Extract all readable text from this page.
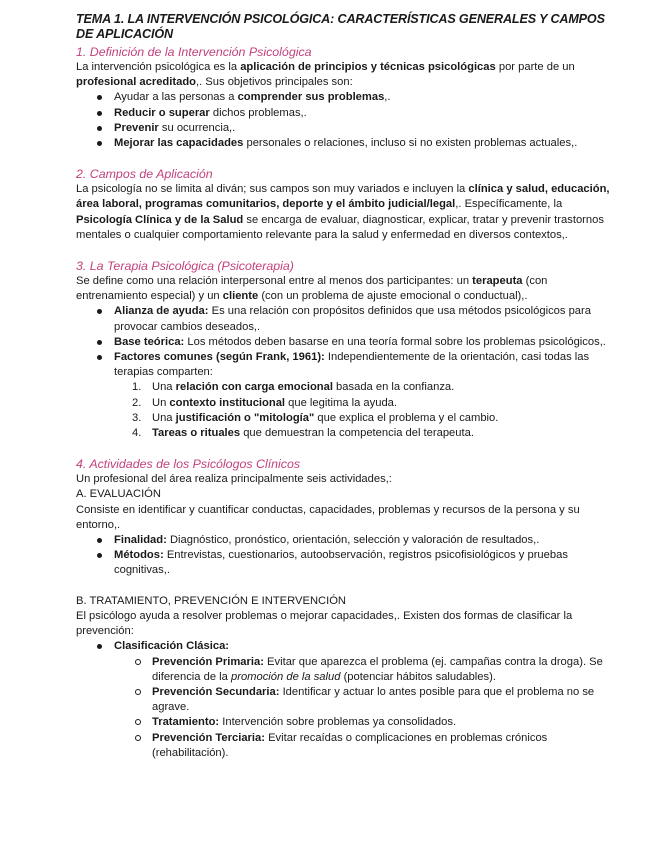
TEMA 1. LA INTERVENCIÓN PSICOLÓGICA: CARACTERÍSTICAS GENERALES Y CAMPOS DE APLICACIÓN
1. Definición de la Intervención Psicológica

La intervención psicológica es la aplicación de principios y técnicas psicológicas por parte de un profesional acreditado,. Sus objetivos principales son:

Ayudar a las personas a comprender sus problemas,.
Reducir o superar dichos problemas,.
Prevenir su ocurrencia,.
Mejorar las capacidades personales o relaciones, incluso si no existen problemas actuales,.
2. Campos de Aplicación

La psicología no se limita al diván; sus campos son muy variados e incluyen la clínica y salud, educación, área laboral, programas comunitarios, deporte y el ámbito judicial/legal,. Específicamente, la Psicología Clínica y de la Salud se encarga de evaluar, diagnosticar, explicar, tratar y prevenir trastornos mentales o cualquier comportamiento relevante para la salud y enfermedad en diversos contextos,.

3. La Terapia Psicológica (Psicoterapia)

Se define como una relación interpersonal entre al menos dos participantes: un terapeuta (con entrenamiento especial) y un cliente (con un problema de ajuste emocional o conductual),.

Alianza de ayuda: Es una relación con propósitos definidos que usa métodos psicológicos para provocar cambios deseados,.
Base teórica: Los métodos deben basarse en una teoría formal sobre los problemas psicológicos,.
Factores comunes (según Frank, 1961): Independientemente de la orientación, casi todas las terapias comparten:
1. Una relación con carga emocional basada en la confianza.
2. Un contexto institucional que legitima la ayuda.
3. Una justificación o "mitología" que explica el problema y el cambio.
4. Tareas o rituales que demuestran la competencia del terapeuta.
4. Actividades de los Psicólogos Clínicos

Un profesional del área realiza principalmente seis actividades,:

A. EVALUACIÓN

Consiste en identificar y cuantificar conductas, capacidades, problemas y recursos de la persona y su entorno,.

Finalidad: Diagnóstico, pronóstico, orientación, selección y valoración de resultados,.
Métodos: Entrevistas, cuestionarios, autoobservación, registros psicofisiológicos y pruebas cognitivas,.

B. TRATAMIENTO, PREVENCIÓN E INTERVENCIÓN

El psicólogo ayuda a resolver problemas o mejorar capacidades,. Existen dos formas de clasificar la prevención:

Clasificación Clásica:
Prevención Primaria: Evitar que aparezca el problema (ej. campañas contra la droga). Se diferencia de la promoción de la salud (potenciar hábitos saludables).
Prevención Secundaria: Identificar y actuar lo antes posible para que el problema no se agrave.
Tratamiento: Intervención sobre problemas ya consolidados.
Prevención Terciaria: Evitar recaídas o complicaciones en problemas crónicos (rehabilitación).
